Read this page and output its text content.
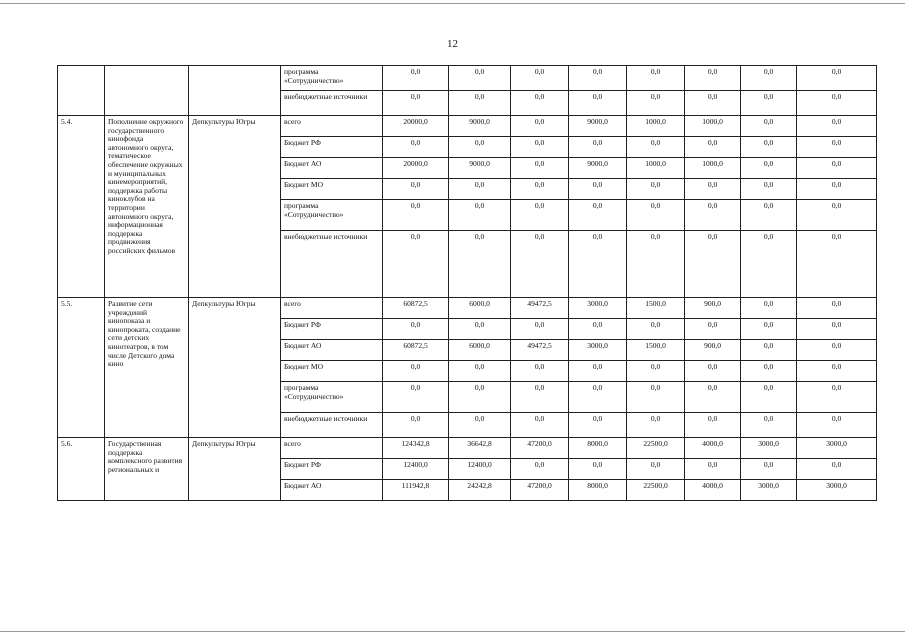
12
			программа «Сотрудничество»	0,0	0,0	0,0	0,0	0,0	0,0	0,0	0,0
			внебюджетные источники	0,0	0,0	0,0	0,0	0,0	0,0	0,0	0,0
5.4.	Пополнение окружного государственного кинофонда автономного округа, тематическое обеспечение окружных и муниципальных кинемероприятий, поддержка работы киноклубов на территории автономного округа, информационная поддержка продвижения российских фильмов	Депкультуры Югры	всего	20000,0	9000,0	0,0	9000,0	1000,0	1000,0	0,0	0,0
			Бюджет РФ	0,0	0,0	0,0	0,0	0,0	0,0	0,0	0,0
			Бюджет АО	20000,0	9000,0	0,0	9000,0	1000,0	1000,0	0,0	0,0
			Бюджет МО	0,0	0,0	0,0	0,0	0,0	0,0	0,0	0,0
			программа «Сотрудничество»	0,0	0,0	0,0	0,0	0,0	0,0	0,0	0,0
			внебюджетные источники	0,0	0,0	0,0	0,0	0,0	0,0	0,0	0,0
5.5.	Развитие сети учреждений кинопоказа и кинопроката, создание сети детских кинотеатров, в том числе Детского дома кино	Депкультуры Югры	всего	60872,5	6000,0	49472,5	3000,0	1500,0	900,0	0,0	0,0
			Бюджет РФ	0,0	0,0	0,0	0,0	0,0	0,0	0,0	0,0
			Бюджет АО	60872,5	6000,0	49472,5	3000,0	1500,0	900,0	0,0	0,0
			Бюджет МО	0,0	0,0	0,0	0,0	0,0	0,0	0,0	0,0
			программа «Сотрудничество»	0,0	0,0	0,0	0,0	0,0	0,0	0,0	0,0
			внебюджетные источники	0,0	0,0	0,0	0,0	0,0	0,0	0,0	0,0
5.6.	Государственная поддержка комплексного развития региональных и	Депкультуры Югры	всего	124342,8	36642,8	47200,0	8000,0	22500,0	4000,0	3000,0	3000,0
			Бюджет РФ	12400,0	12400,0	0,0	0,0	0,0	0,0	0,0	0,0
			Бюджет АО	111942,8	24242,8	47200,0	8000,0	22500,0	4000,0	3000,0	3000,0
